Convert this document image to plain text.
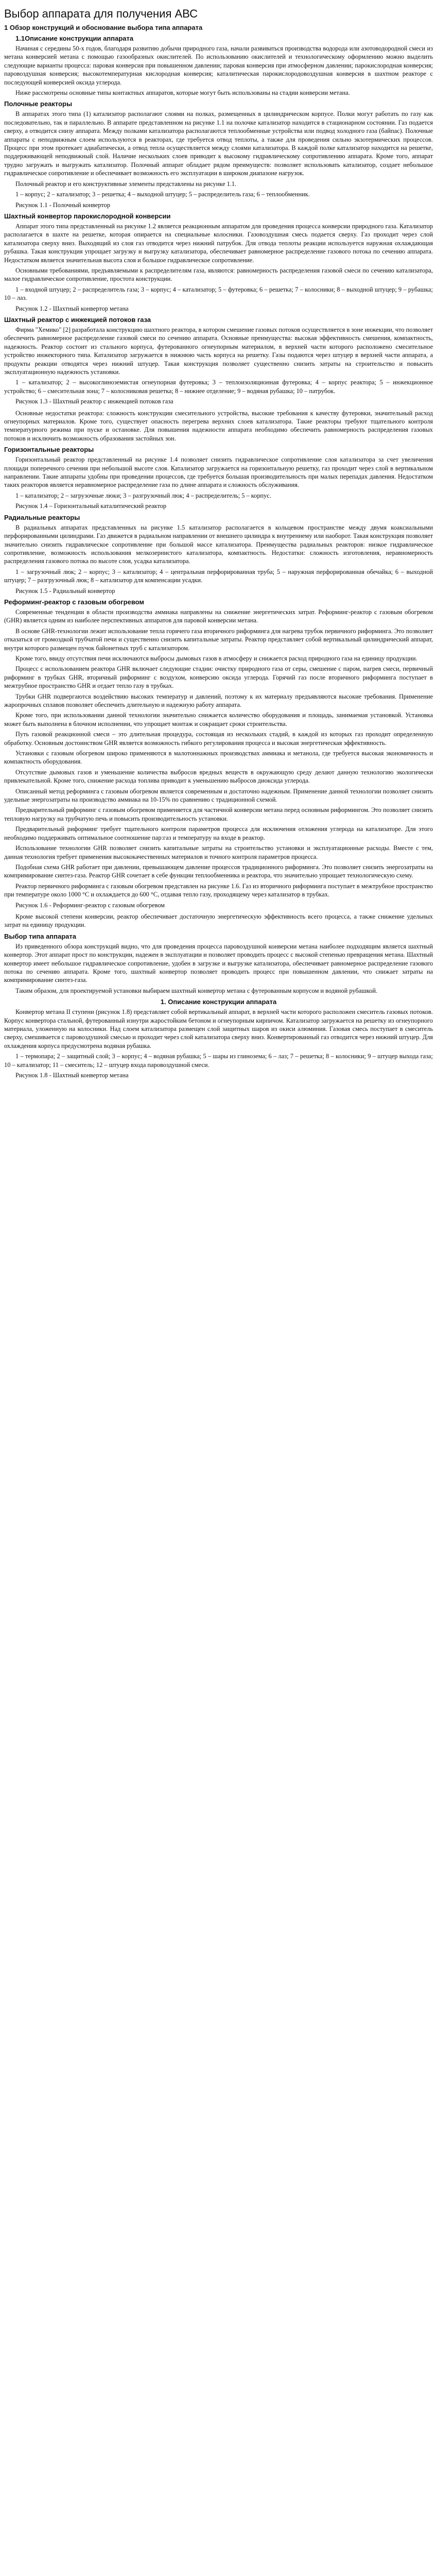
Выбор аппарата для получения АВС
1 Обзор конструкций и обоснование выбора типа аппарата
1.1Описание конструкции аппарата
Начиная с середины 50-х годов, благодаря развитию добычи природного газа, начали развиваться производства водорода или азотоводородной смеси из метана конверсией метана с помощью газообразных окислителей. По использованию окислителей и технологическому оформлению можно выделить следующие варианты процесса: паровая конверсия при повышенном давлении; паровая конверсия при атмосферном давлении; парокислородная конверсия; паровоздушная конверсия; высокотемпературная кислородная конверсия; каталитическая парокислородовоздушная конверсия в шахтном реакторе с последующей конверсией оксида углерода.
Ниже рассмотрены основные типы контактных аппаратов, которые могут быть использованы на стадии конверсии метана.
Полочные реакторы
В аппаратах этого типа (1) катализатор располагают слоями на полках, размещенных в цилиндрическом корпусе. Полки могут работать по газу как последовательно, так и параллельно. В аппарате представленном на рисунке 1.1 на полочке катализатор находится в стационарном состоянии. Газ подается сверху, а отводится снизу аппарата. Между полками катализатора располагаются теплообменные устройства или подвод холодного газа (байпас). Полочные аппараты с неподвижным слоем используются в реакторах, где требуется отвод теплоты, а также для проведения сильно экзотермических процессов. Процесс при этом протекает адиабатически, а отвод тепла осуществляется между слоями катализатора. В каждой полке катализатор находится на решетке, поддерживающей неподвижный слой. Наличие нескольких слоев приводит к высокому гидравлическому сопротивлению аппарата. Кроме того, аппарат трудно загружать и выгружать катализатор. Полочный аппарат обладает рядом преимуществ: позволяет использовать катализатор, создает небольшое гидравлическое сопротивление и обеспечивает возможность его эксплуатации в широком диапазоне нагрузок.
Полочный реактор и его конструктивные элементы представлены на рисунке 1.1.
1 – корпус; 2 – катализатор; 3 – решетка; 4 – выходной штуцер; 5 – распределитель газа; 6 – теплообменник.
Рисунок 1.1 - Полочный конвертор
Шахтный конвертор парокислородной конверсии
Аппарат этого типа представленный на рисунке 1.2 является реакционным аппаратом для проведения процесса конверсии природного газа. Катализатор располагается в шахте на решетке, которая опирается на специальные колосники. Газовоздушная смесь подается сверху. Газ проходит через слой катализатора сверху вниз. Выходящий из слоя газ отводится через нижний патрубок. Для отвода теплоты реакции используется наружная охлаждающая рубашка. Такая конструкция упрощает загрузку и выгрузку катализатора, обеспечивает равномерное распределение газового потока по сечению аппарата. Недостатком является значительная высота слоя и большое гидравлическое сопротивление.
Основными требованиями, предъявляемыми к распределителям газа, являются: равномерность распределения газовой смеси по сечению катализатора, малое гидравлическое сопротивление, простота конструкции.
1 – входной штуцер; 2 – распределитель газа; 3 – корпус; 4 – катализатор; 5 – футеровка; 6 – решетка; 7 – колосники; 8 – выходной штуцер; 9 – рубашка; 10 – лаз.
Рисунок 1.2 - Шахтный конвертор метана
Шахтный реактор с инжекцией потоков газа
Фирма "Хемико" [2] разработала конструкцию шахтного реактора, в котором смешение газовых потоков осуществляется в зоне инжекции, что позволяет обеспечить равномерное распределение газовой смеси по сечению аппарата. Основные преимущества: высокая эффективность смешения, компактность, надежность. Реактор состоит из стального корпуса, футерованного огнеупорным материалом, в верхней части которого расположено смесительное устройство инжекторного типа. Катализатор загружается в нижнюю часть корпуса на решетку. Газы подаются через штуцер в верхней части аппарата, а продукты реакции отводятся через нижний штуцер. Такая конструкция позволяет существенно снизить затраты на строительство и повысить эксплуатационную надежность установки.
1 – катализатор; 2 – высокоглиноземистая огнеупорная футеровка; 3 – теплоизоляционная футеровка; 4 – корпус реактора; 5 – инжекционное устройство; 6 – смесительная зона; 7 – колосниковая решетка; 8 – нижнее отделение; 9 – водяная рубашка; 10 – патрубок.
Рисунок 1.3 - Шахтный реактор с инжекцией потоков газа
Основные недостатки реактора: сложность конструкции смесительного устройства, высокие требования к качеству футеровки, значительный расход огнеупорных материалов. Кроме того, существует опасность перегрева верхних слоев катализатора. Такие реакторы требуют тщательного контроля температурного режима при пуске и остановке. Для повышения надежности аппарата необходимо обеспечить равномерность распределения газовых потоков и исключить возможность образования застойных зон.
Горизонтальные реакторы
Горизонтальный реактор представленный на рисунке 1.4 позволяет снизить гидравлическое сопротивление слоя катализатора за счет увеличения площади поперечного сечения при небольшой высоте слоя. Катализатор загружается на горизонтальную решетку, газ проходит через слой в вертикальном направлении. Такие аппараты удобны при проведении процессов, где требуется большая производительность при малых перепадах давления. Недостатком таких реакторов является неравномерное распределение газа по длине аппарата и сложность обслуживания.
1 – катализатор; 2 – загрузочные люки; 3 – разгрузочный люк; 4 – распределитель; 5 – корпус.
Рисунок 1.4 – Горизонтальный каталитический реактор
Радиальные реакторы
В радиальных аппаратах представленных на рисунке 1.5 катализатор располагается в кольцевом пространстве между двумя коаксиальными перфорированными цилиндрами. Газ движется в радиальном направлении от внешнего цилиндра к внутреннему или наоборот. Такая конструкция позволяет значительно снизить гидравлическое сопротивление при большой массе катализатора. Преимущества радиальных реакторов: низкое гидравлическое сопротивление, возможность использования мелкозернистого катализатора, компактность. Недостатки: сложность изготовления, неравномерность распределения газового потока по высоте слоя, усадка катализатора.
1 – загрузочный люк; 2 – корпус; 3 – катализатор; 4 – центральная перфорированная труба; 5 – наружная перфорированная обечайка; 6 – выходной штуцер; 7 – разгрузочный люк; 8 – катализатор для компенсации усадки.
Рисунок 1.5 - Радиальный конвертор
Реформинг-реактор с газовым обогревом
Современные тенденции в области производства аммиака направлены на снижение энергетических затрат. Реформинг-реактор с газовым обогревом (GHR) является одним из наиболее перспективных аппаратов для паровой конверсии метана.
В основе GHR-технологии лежит использование тепла горячего газа вторичного риформинга для нагрева трубок первичного риформинга. Это позволяет отказаться от громоздкой трубчатой печи и существенно снизить капитальные затраты. Реактор представляет собой вертикальный цилиндрический аппарат, внутри которого размещен пучок байонетных труб с катализатором.
Кроме того, ввиду отсутствия печи исключаются выбросы дымовых газов в атмосферу и снижается расход природного газа на единицу продукции.
Процесс с использованием реактора GHR включает следующие стадии: очистку природного газа от серы, смешение с паром, нагрев смеси, первичный риформинг в трубках GHR, вторичный риформинг с воздухом, конверсию оксида углерода. Горячий газ после вторичного риформинга поступает в межтрубное пространство GHR и отдает тепло газу в трубках.
Трубки GHR подвергаются воздействию высоких температур и давлений, поэтому к их материалу предъявляются высокие требования. Применение жаропрочных сплавов позволяет обеспечить длительную и надежную работу аппарата.
Кроме того, при использовании данной технологии значительно снижается количество оборудования и площадь, занимаемая установкой. Установка может быть выполнена в блочном исполнении, что упрощает монтаж и сокращает сроки строительства.
Путь газовой реакционной смеси – это длительная процедура, состоящая из нескольких стадий, в каждой из которых газ проходит определенную обработку. Основным достоинством GHR является возможность гибкого регулирования процесса и высокая энергетическая эффективность.
Установки с газовым обогревом широко применяются в малотоннажных производствах аммиака и метанола, где требуется высокая экономичность и компактность оборудования.
Отсутствие дымовых газов и уменьшение количества выбросов вредных веществ в окружающую среду делают данную технологию экологически привлекательной. Кроме того, снижение расхода топлива приводит к уменьшению выбросов диоксида углерода.
Описанный метод реформинга с газовым обогревом является современным и достаточно надежным. Применение данной технологии позволяет снизить удельные энергозатраты на производство аммиака на 10-15% по сравнению с традиционной схемой.
Предварительный риформинг с газовым обогревом применяется для частичной конверсии метана перед основным риформингом. Это позволяет снизить тепловую нагрузку на трубчатую печь и повысить производительность установки.
Предварительный риформинг требует тщательного контроля параметров процесса для исключения отложения углерода на катализаторе. Для этого необходимо поддерживать оптимальное соотношение пар:газ и температуру на входе в реактор.
Использование технологии GHR позволяет снизить капитальные затраты на строительство установки и эксплуатационные расходы. Вместе с тем, данная технология требует применения высококачественных материалов и точного контроля параметров процесса.
Подобная схема GHR работает при давлении, превышающем давление процессов традиционного риформинга. Это позволяет снизить энергозатраты на компримирование синтез-газа. Реактор GHR сочетает в себе функции теплообменника и реактора, что значительно упрощает технологическую схему.
Реактор первичного риформинга с газовым обогревом представлен на рисунке 1.6. Газ из вторичного риформинга поступает в межтрубное пространство при температуре около 1000 °С и охлаждается до 600 °С, отдавая тепло газу, проходящему через катализатор в трубках.
Рисунок 1.6 - Реформинг-реактор с газовым обогревом
Кроме высокой степени конверсии, реактор обеспечивает достаточную энергетическую эффективность всего процесса, а также снижение удельных затрат на единицу продукции.
Выбор типа аппарата
Из приведенного обзора конструкций видно, что для проведения процесса паровоздушной конверсии метана наиболее подходящим является шахтный конвертор. Этот аппарат прост по конструкции, надежен в эксплуатации и позволяет проводить процесс с высокой степенью превращения метана. Шахтный конвертор имеет небольшое гидравлическое сопротивление, удобен в загрузке и выгрузке катализатора, обеспечивает равномерное распределение газового потока по сечению аппарата. Кроме того, шахтный конвертор позволяет проводить процесс при повышенном давлении, что снижает затраты на компримирование синтез-газа.
Таким образом, для проектируемой установки выбираем шахтный конвертор метана с футерованным корпусом и водяной рубашкой.
1. Описание конструкции аппарата
Конвертор метана II ступени (рисунок 1.8) представляет собой вертикальный аппарат, в верхней части которого расположен смеситель газовых потоков. Корпус конвертора стальной, футерованный изнутри жаростойким бетоном и огнеупорным кирпичом. Катализатор загружается на решетку из огнеупорного материала, уложенную на колосники. Над слоем катализатора размещен слой защитных шаров из окиси алюминия. Газовая смесь поступает в смеситель сверху, смешивается с паровоздушной смесью и проходит через слой катализатора сверху вниз. Конвертированный газ отводится через нижний штуцер. Для охлаждения корпуса предусмотрена водяная рубашка.
1 – термопара; 2 – защитный слой; 3 – корпус; 4 – водяная рубашка; 5 – шары из глинозема; 6 – лаз; 7 – решетка; 8 – колосники; 9 – штуцер выхода газа; 10 – катализатор; 11 – смеситель; 12 – штуцер входа паровоздушной смеси.
Рисунок 1.8 - Шахтный конвертор метана
